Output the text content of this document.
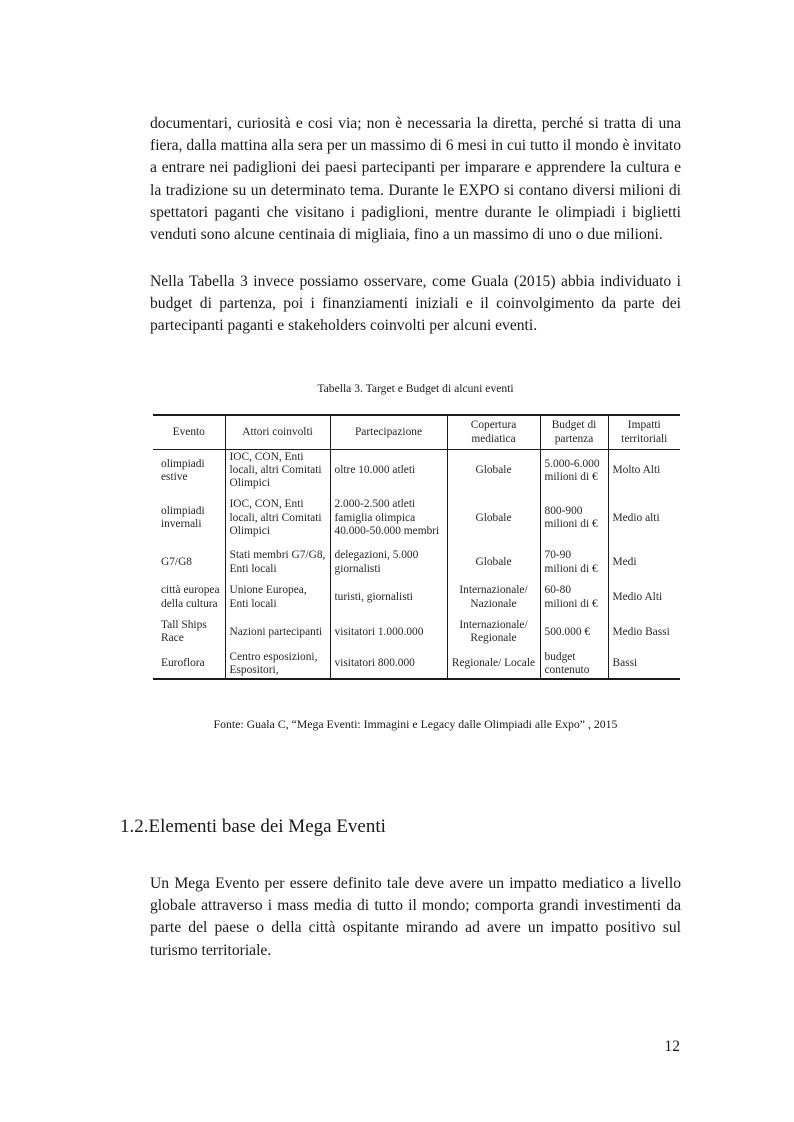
documentari, curiosità e cosi via; non è necessaria la diretta, perché si tratta di una fiera, dalla mattina alla sera per un massimo di 6 mesi in cui tutto il mondo è invitato a entrare nei padiglioni dei paesi partecipanti per imparare e apprendere la cultura e la tradizione su un determinato tema. Durante le EXPO si contano diversi milioni di spettatori paganti che visitano i padiglioni, mentre durante le olimpiadi i biglietti venduti sono alcune centinaia di migliaia, fino a un massimo di uno o due milioni.

Nella Tabella 3 invece possiamo osservare, come Guala (2015) abbia individuato i budget di partenza, poi i finanziamenti iniziali e il coinvolgimento da parte dei partecipanti paganti e stakeholders coinvolti per alcuni eventi.

Tabella 3. Target e Budget di alcuni eventi
Evento	Attori coinvolti	Partecipazione	Copertura mediatica	Budget di partenza	Impatti territoriali
olimpiadi estive	IOC, CON, Enti locali, altri Comitati Olimpici	oltre 10.000 atleti	Globale	5.000-6.000 milioni di €	Molto Alti
olimpiadi invernali	IOC, CON, Enti locali, altri Comitati Olimpici	2.000-2.500 atleti famiglia olimpica 40.000-50.000 membri	Globale	800-900 milioni di €	Medio alti
G7/G8	Stati membri G7/G8, Enti locali	delegazioni, 5.000 giornalisti	Globale	70-90 milioni di €	Medi
città europea della cultura	Unione Europea, Enti locali	turisti, giornalisti	Internazionale/ Nazionale	60-80 milioni di €	Medio Alti
Tall Ships Race	Nazioni partecipanti	visitatori 1.000.000	Internazionale/ Regionale	500.000 €	Medio Bassi
Euroflora	Centro esposizioni, Espositori,	visitatori 800.000	Regionale/ Locale	budget contenuto	Bassi
Fonte: Guala C, “Mega Eventi: Immagini e Legacy dalle Olimpiadi alle Expo” , 2015
1.2.Elementi base dei Mega Eventi

Un Mega Evento per essere definito tale deve avere un impatto mediatico a livello globale attraverso i mass media di tutto il mondo; comporta grandi investimenti da parte del paese o della città ospitante mirando ad avere un impatto positivo sul turismo territoriale.

12
